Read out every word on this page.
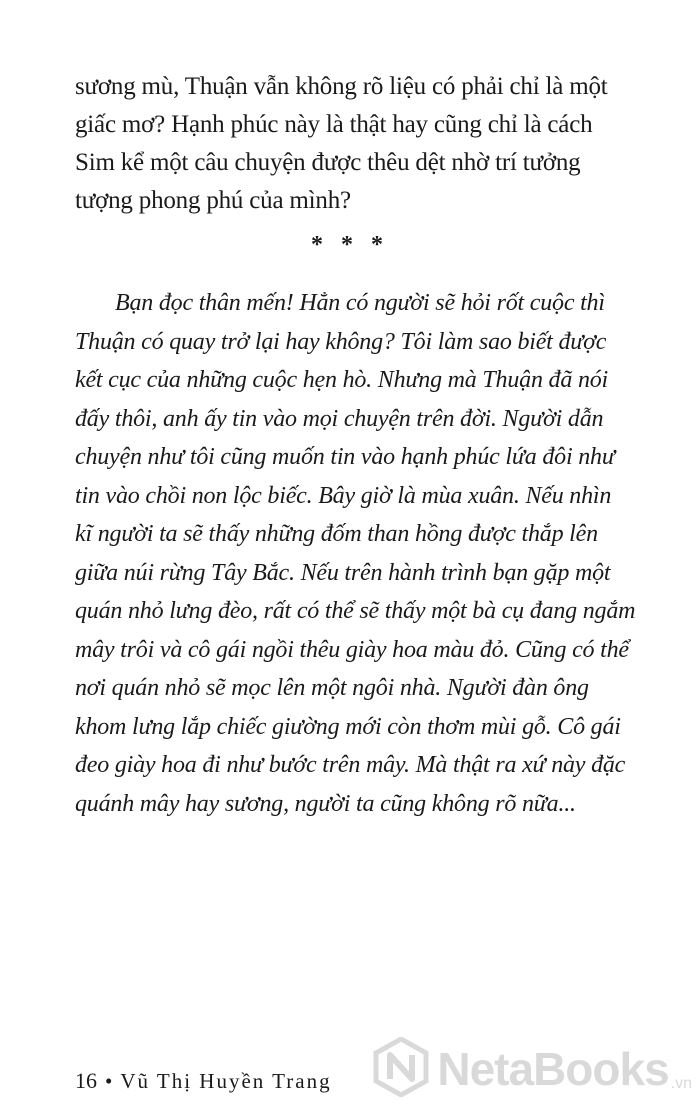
sương mù, Thuận vẫn không rõ liệu có phải chỉ là một
giấc mơ? Hạnh phúc này là thật hay cũng chỉ là cách
Sim kể một câu chuyện được thêu dệt nhờ trí tưởng
tượng phong phú của mình?
* * *
Bạn đọc thân mến! Hẳn có người sẽ hỏi rốt cuộc thì
Thuận có quay trở lại hay không? Tôi làm sao biết được
kết cục của những cuộc hẹn hò. Nhưng mà Thuận đã nói
đấy thôi, anh ấy tin vào mọi chuyện trên đời. Người dẫn
chuyện như tôi cũng muốn tin vào hạnh phúc lứa đôi như
tin vào chồi non lộc biếc. Bây giờ là mùa xuân. Nếu nhìn
kĩ người ta sẽ thấy những đốm than hồng được thắp lên
giữa núi rừng Tây Bắc. Nếu trên hành trình bạn gặp một
quán nhỏ lưng đèo, rất có thể sẽ thấy một bà cụ đang ngắm
mây trôi và cô gái ngồi thêu giày hoa màu đỏ. Cũng có thể
nơi quán nhỏ sẽ mọc lên một ngôi nhà. Người đàn ông
khom lưng lắp chiếc giường mới còn thơm mùi gỗ. Cô gái
đeo giày hoa đi như bước trên mây. Mà thật ra xứ này đặc
quánh mây hay sương, người ta cũng không rõ nữa...
16 • Vũ Thị Huyền Trang NetaBooks .vn
